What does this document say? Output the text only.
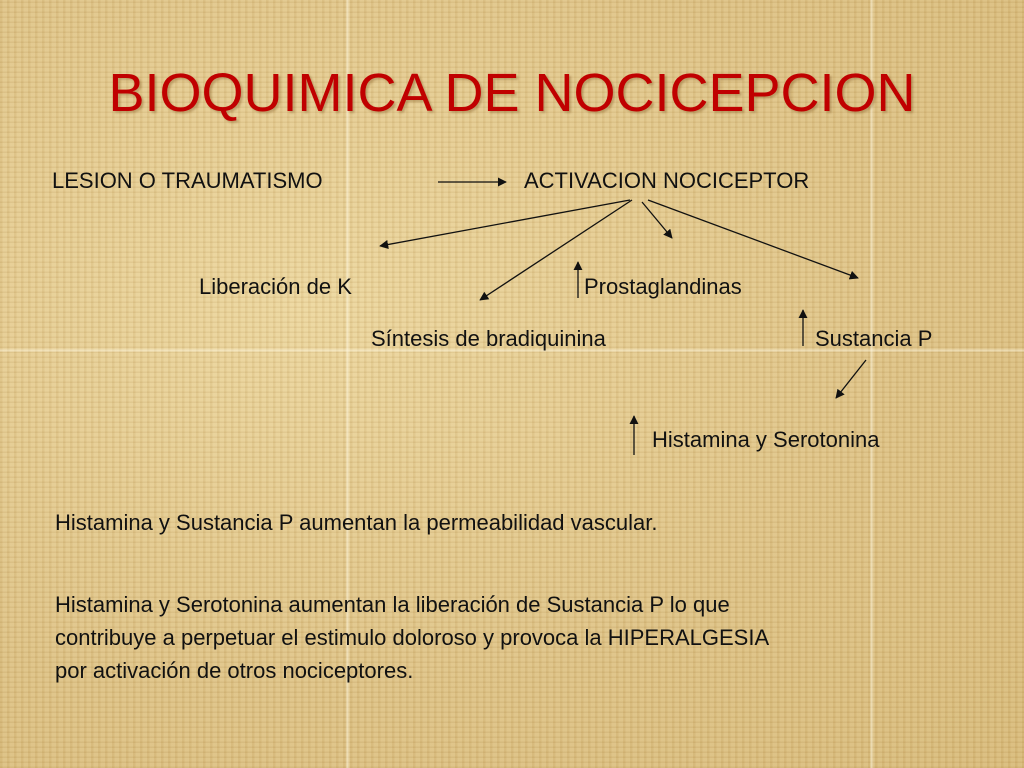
BIOQUIMICA DE NOCICEPCION
LESION O TRAUMATISMO	ACTIVACION NOCICEPTOR
Liberación de K	Prostaglandinas
Síntesis de bradiquinina	Sustancia P
Histamina y Serotonina

Histamina y Sustancia P aumentan la permeabilidad vascular.

Histamina y Serotonina aumentan la liberación de Sustancia P lo que contribuye a perpetuar el estimulo doloroso y provoca la HIPERALGESIA por activación de otros nociceptores.
